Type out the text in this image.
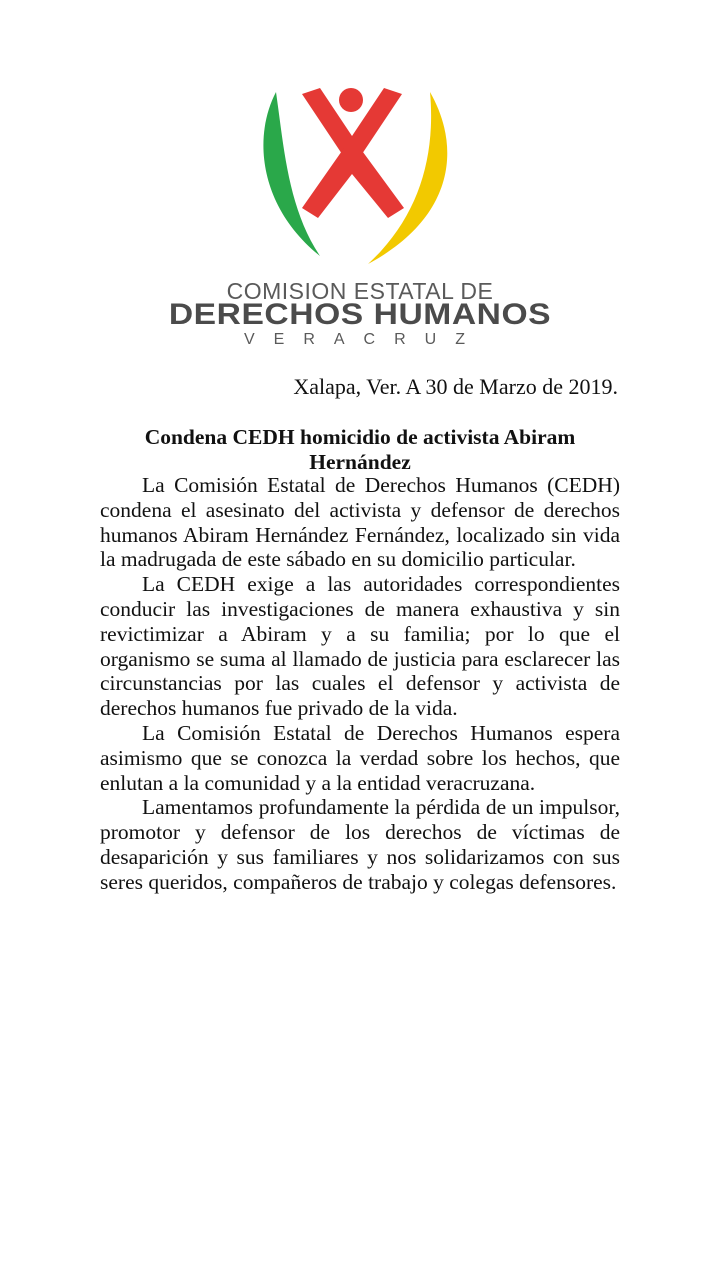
COMISION ESTATAL DE
DERECHOS HUMANOS
VERACRUZ
Xalapa, Ver. A 30 de Marzo de 2019.
Condena CEDH homicidio de activista Abiram Hernández

La Comisión Estatal de Derechos Humanos (CEDH) condena el asesinato del activista y defensor de derechos humanos Abiram Hernández Fernández, localizado sin vida la madrugada de este sábado en su domicilio particular.

La CEDH exige a las autoridades correspondientes conducir las investigaciones de manera exhaustiva y sin revictimizar a Abiram y a su familia; por lo que el organismo se suma al llamado de justicia para esclarecer las circunstancias por las cuales el defensor y activista de derechos humanos fue privado de la vida.

La Comisión Estatal de Derechos Humanos espera asimismo que se conozca la verdad sobre los hechos, que enlutan a la comunidad y a la entidad veracruzana.

Lamentamos profundamente la pérdida de un impulsor, promotor y defensor de los derechos de víctimas de desaparición y sus familiares y nos solidarizamos con sus seres queridos, compañeros de trabajo y colegas defensores.
